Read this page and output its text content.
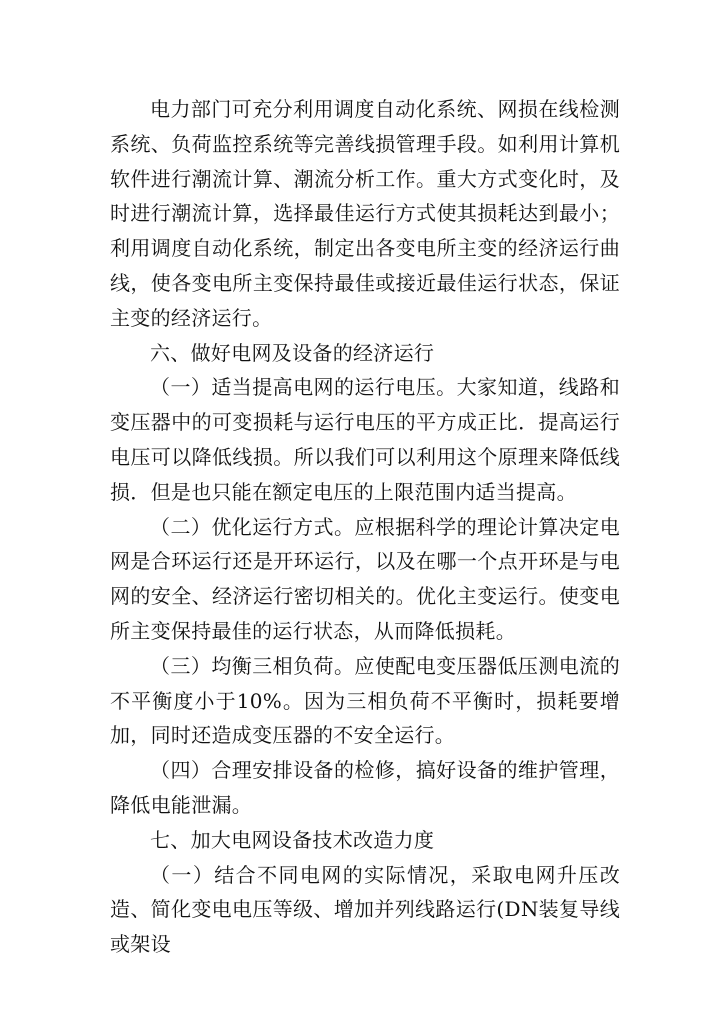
电力部门可充分利用调度自动化系统、网损在线检测系统、负荷监控系统等完善线损管理手段。如利用计算机软件进行潮流计算、潮流分析工作。重大方式变化时，及时进行潮流计算，选择最佳运行方式使其损耗达到最小；利用调度自动化系统，制定出各变电所主变的经济运行曲线，使各变电所主变保持最佳或接近最佳运行状态，保证主变的经济运行。

六、做好电网及设备的经济运行

（一）适当提高电网的运行电压。大家知道，线路和变压器中的可变损耗与运行电压的平方成正比．提高运行电压可以降低线损。所以我们可以利用这个原理来降低线损．但是也只能在额定电压的上限范围内适当提高。

（二）优化运行方式。应根据科学的理论计算决定电网是合环运行还是开环运行，以及在哪一个点开环是与电网的安全、经济运行密切相关的。优化主变运行。使变电所主变保持最佳的运行状态，从而降低损耗。

（三）均衡三相负荷。应使配电变压器低压测电流的不平衡度小于10%。因为三相负荷不平衡时，损耗要增加，同时还造成变压器的不安全运行。

（四）合理安排设备的检修，搞好设备的维护管理，降低电能泄漏。

七、加大电网设备技术改造力度

（一）结合不同电网的实际情况，采取电网升压改造、简化变电电压等级、增加并列线路运行(DN装复导线或架设
